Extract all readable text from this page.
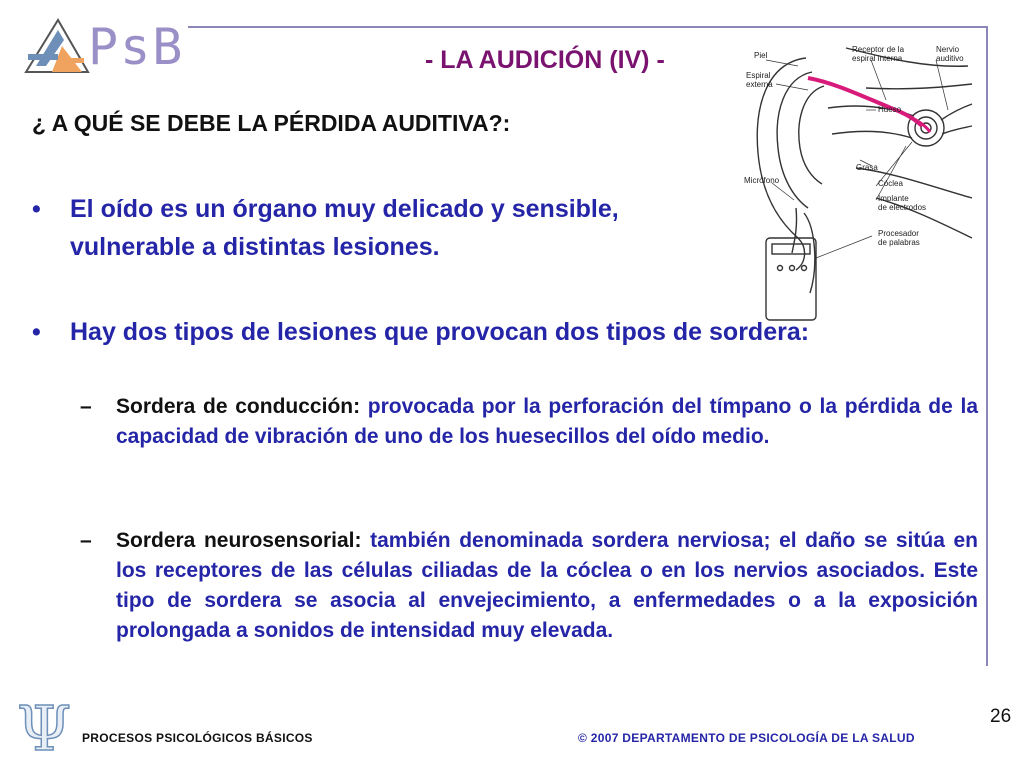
PsB	- LA AUDICIÓN (IV) -	Piel
Espiral
externa
Receptor de la
espiral interna
Nervio
auditivo
Hueso
Micrófono
Grasa
Cóclea
Implante
de electrodos
Procesador
de palabras
¿ A QUÉ SE DEBE LA PÉRDIDA AUDITIVA?:
•	El oído es un órgano muy delicado y sensible,
vulnerable a distintas lesiones.
•	Hay dos tipos de lesiones que provocan dos tipos de sordera:
– Sordera de conducción: provocada por la perforación del tímpano o la pérdida de la capacidad de vibración de uno de los huesecillos del oído medio.
– Sordera neurosensorial: también denominada sordera nerviosa; el daño se sitúa en los receptores de las células ciliadas de la cóclea o en los nervios asociados. Este tipo de sordera se asocia al envejecimiento, a enfermedades o a la exposición prolongada a sonidos de intensidad muy elevada.
Ψ PROCESOS PSICOLÓGICOS BÁSICOS	© 2007 DEPARTAMENTO DE PSICOLOGÍA DE LA SALUD
26
